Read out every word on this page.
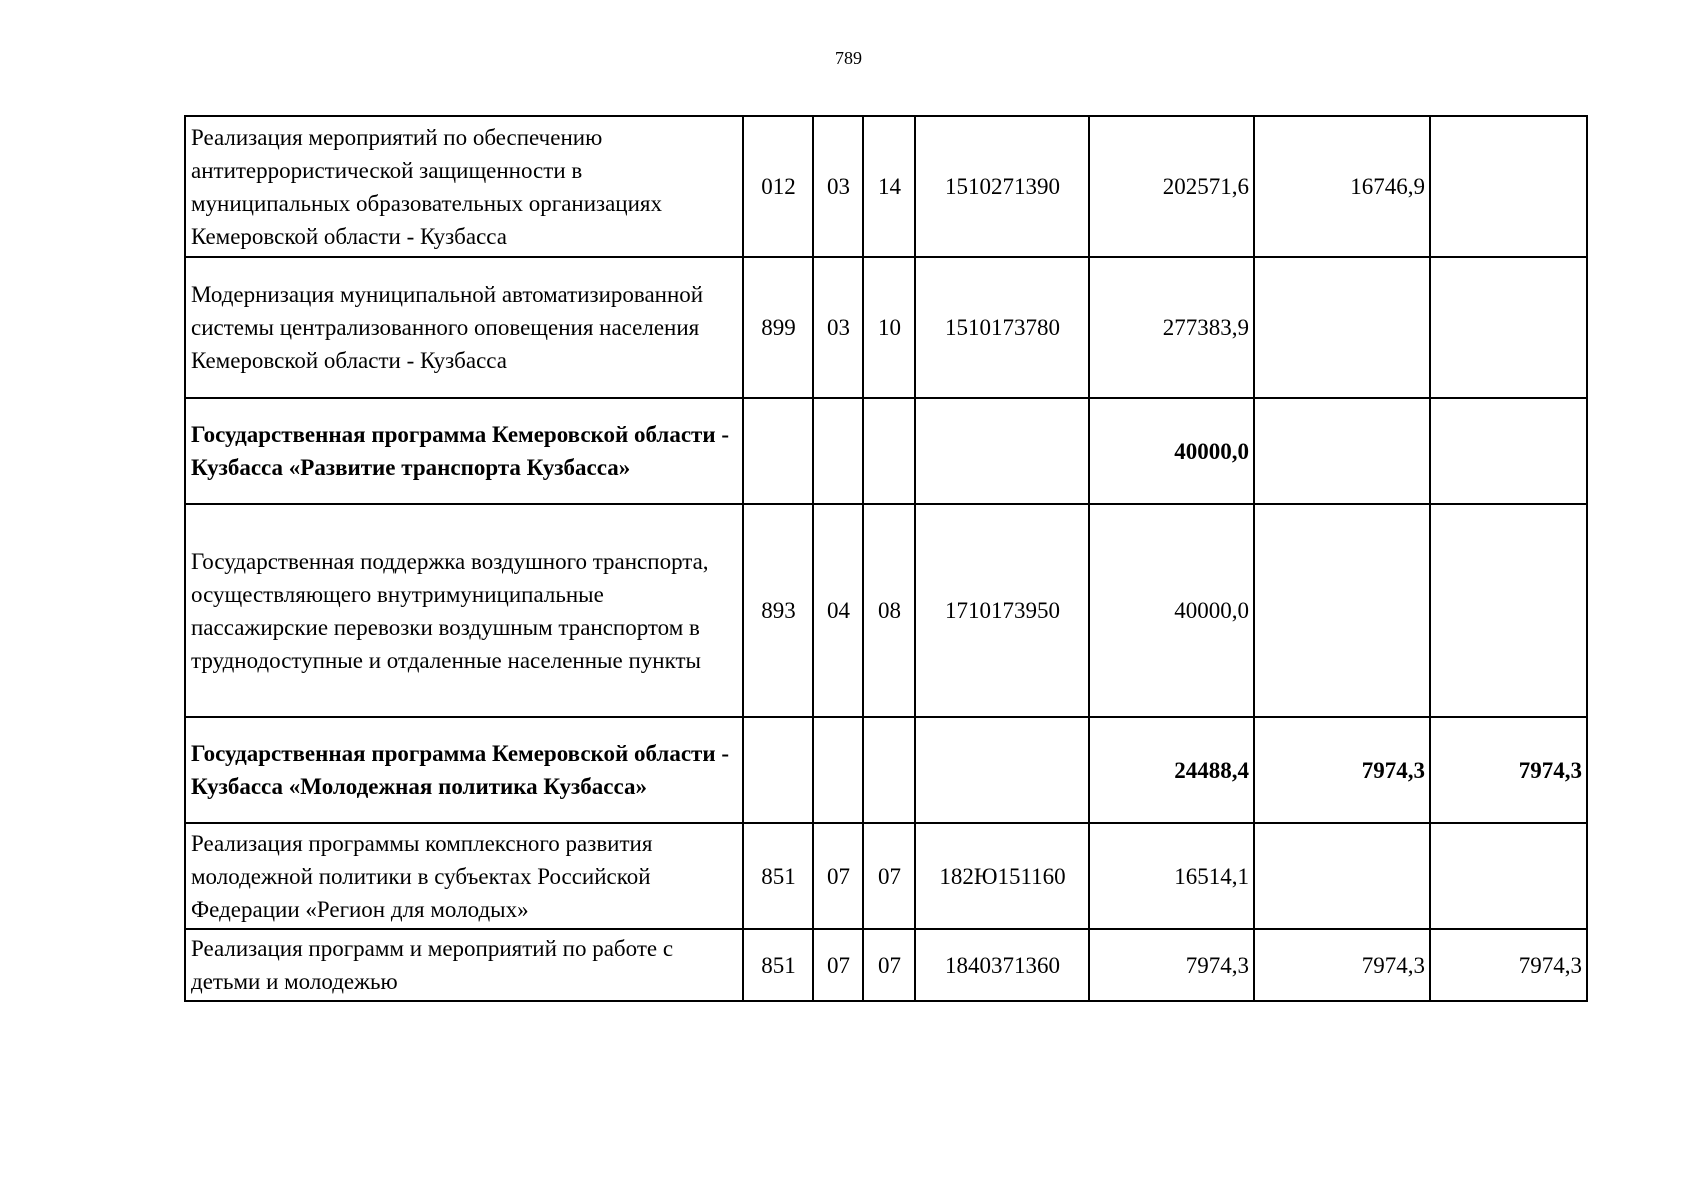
789
Реализация мероприятий по обеспечению антитеррористической защищенности в муниципальных образовательных организациях Кемеровской области - Кузбасса	012	03	14	1510271390	202571,6	16746,9	
Модернизация муниципальной автоматизированной системы централизованного оповещения населения Кемеровской области - Кузбасса	899	03	10	1510173780	277383,9		
Государственная программа Кемеровской области - Кузбасса «Развитие транспорта Кузбасса»					40000,0		
Государственная поддержка воздушного транспорта, осуществляющего внутримуниципальные пассажирские перевозки воздушным транспортом в труднодоступные и отдаленные населенные пункты	893	04	08	1710173950	40000,0		
Государственная программа Кемеровской области - Кузбасса «Молодежная политика Кузбасса»					24488,4	7974,3	7974,3
Реализация программы комплексного развития молодежной политики в субъектах Российской Федерации «Регион для молодых»	851	07	07	182Ю151160	16514,1		
Реализация программ и мероприятий по работе с детьми и молодежью	851	07	07	1840371360	7974,3	7974,3	7974,3
